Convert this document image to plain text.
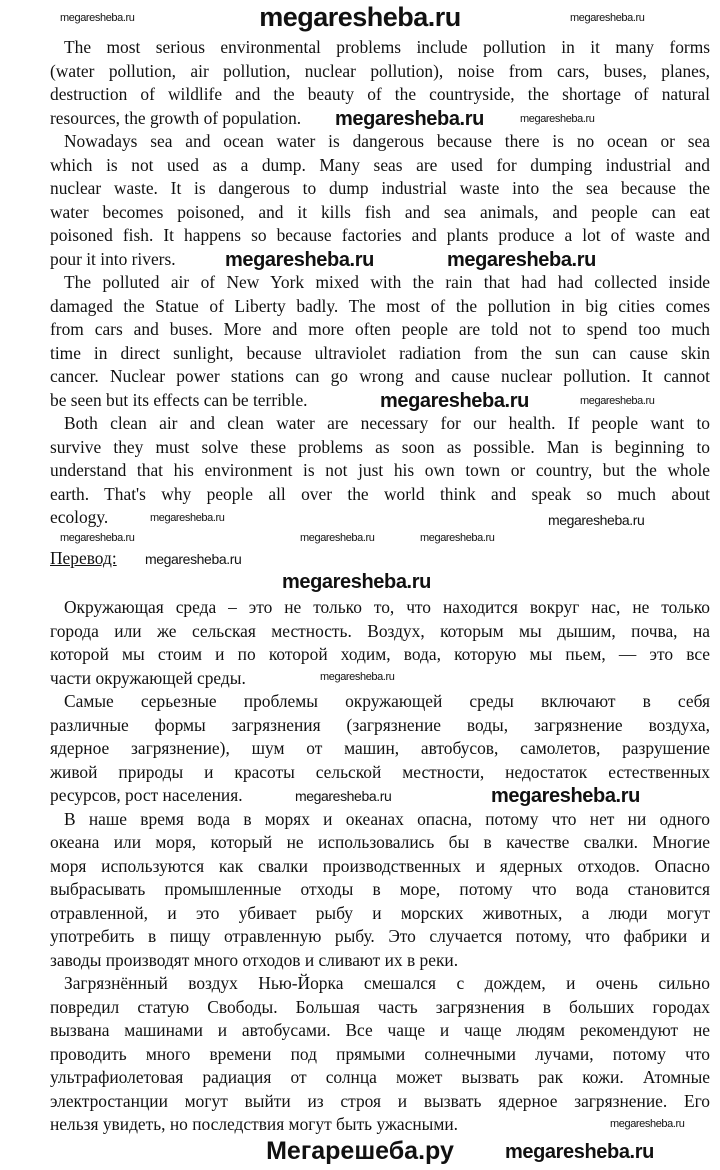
megaresheba.ru
The most serious environmental problems include pollution in it many forms
(water pollution, air pollution, nuclear pollution), noise from cars, buses, planes,
destruction of wildlife and the beauty of the countryside, the shortage of natural
resources, the growth of population.
Nowadays sea and ocean water is dangerous because there is no ocean or sea
which is not used as a dump. Many seas are used for dumping industrial and
nuclear waste. It is dangerous to dump industrial waste into the sea because the
water becomes poisoned, and it kills fish and sea animals, and people can eat
poisoned fish. It happens so because factories and plants produce a lot of waste and
pour it into rivers.
The polluted air of New York mixed with the rain that had had collected inside
damaged the Statue of Liberty badly. The most of the pollution in big cities comes
from cars and buses. More and more often people are told not to spend too much
time in direct sunlight, because ultraviolet radiation from the sun can cause skin
cancer. Nuclear power stations can go wrong and cause nuclear pollution. It cannot
be seen but its effects can be terrible.
Both clean air and clean water are necessary for our health. If people want to
survive they must solve these problems as soon as possible. Man is beginning to
understand that his environment is not just his own town or country, but the whole
earth. That's why people all over the world think and speak so much about
ecology.
Перевод:
Окружающая среда – это не только то, что находится вокруг нас, не только
города или же сельская местность. Воздух, которым мы дышим, почва, на
которой мы стоим и по которой ходим, вода, которую мы пьем, — это все
части окружающей среды.
Самые серьезные проблемы окружающей среды включают в себя
различные формы загрязнения (загрязнение воды, загрязнение воздуха,
ядерное загрязнение), шум от машин, автобусов, самолетов, разрушение
живой природы и красоты сельской местности, недостаток естественных
ресурсов, рост населения.
В наше время вода в морях и океанах опасна, потому что нет ни одного
океана или моря, который не использовались бы в качестве свалки. Многие
моря используются как свалки производственных и ядерных отходов. Опасно
выбрасывать промышленные отходы в море, потому что вода становится
отравленной, и это убивает рыбу и морских животных, а люди могут
употребить в пищу отравленную рыбу. Это случается потому, что фабрики и
заводы производят много отходов и сливают их в реки.
Загрязнённый воздух Нью-Йорка смешался с дождем, и очень сильно
повредил статую Свободы. Большая часть загрязнения в больших городах
вызвана машинами и автобусами. Все чаще и чаще людям рекомендуют не
проводить много времени под прямыми солнечными лучами, потому что
ультрафиолетовая радиация от солнца может вызвать рак кожи. Атомные
электростанции могут выйти из строя и вызвать ядерное загрязнение. Его
нельзя увидеть, но последствия могут быть ужасными.
megaresheba.ru	megaresheba.ru
megaresheba.ru	megaresheba.ru
megaresheba.ru	megaresheba.ru
megaresheba.ru	megaresheba.ru
megaresheba.ru	megaresheba.ru
megaresheba.ru	megaresheba.ru	megaresheba.ru
megaresheba.ru
megaresheba.ru
megaresheba.ru
megaresheba.ru	megaresheba.ru
megaresheba.ru
megaresheba.ru
Мегарешеба.ру
